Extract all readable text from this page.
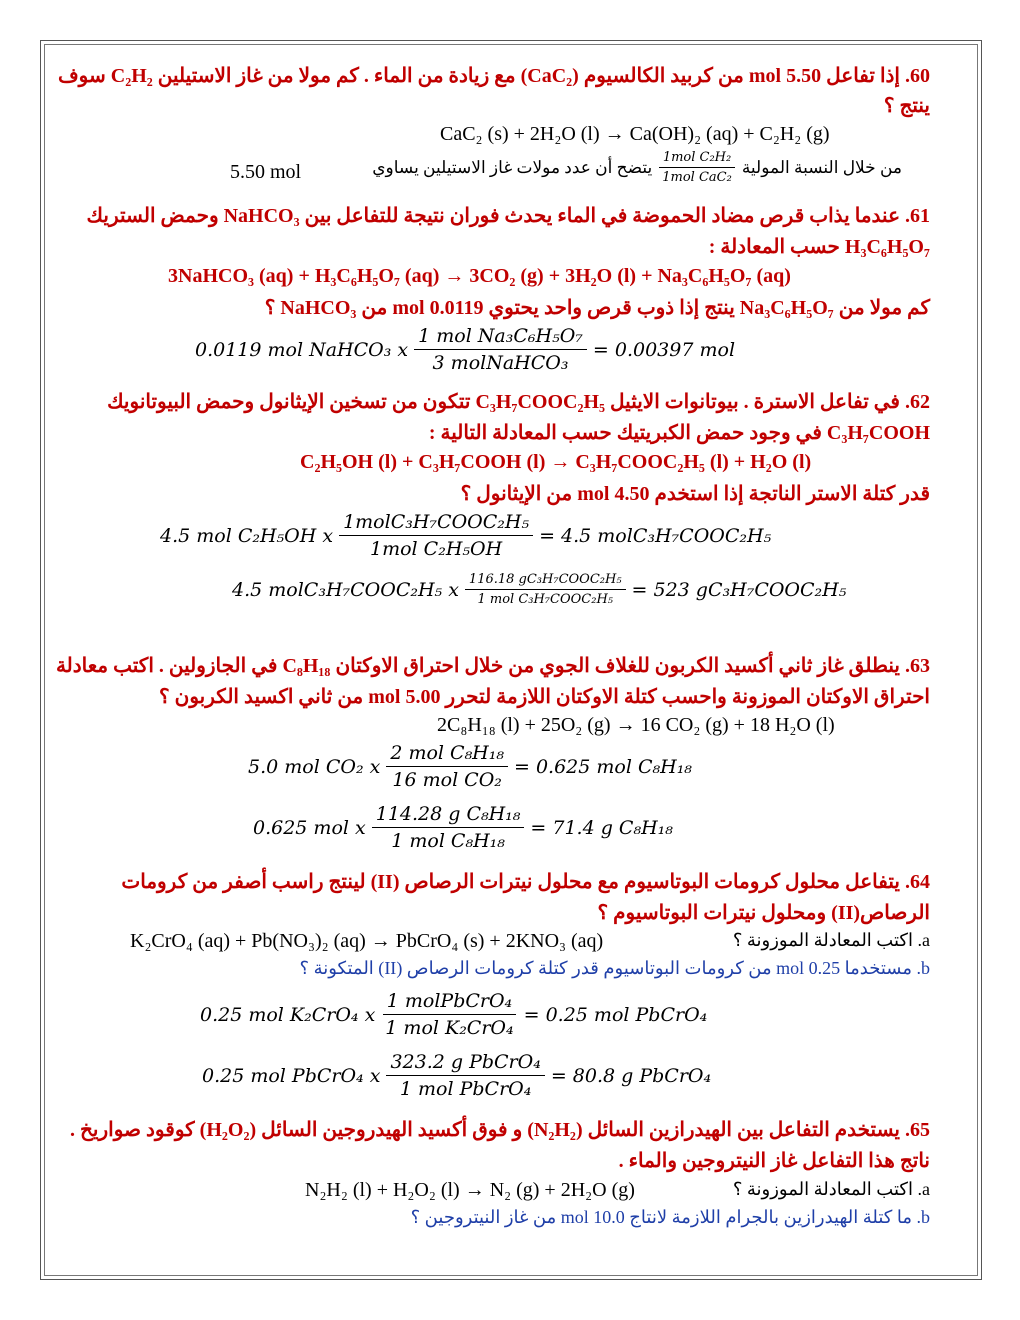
60. إذا تفاعل 5.50 mol من كربيد الكالسيوم (CaC₂) مع زيادة من الماء . كم مولا من غاز الاستيلين C₂H₂ سوف
ينتج ؟
CaC₂ (s) + 2H₂O (l) → Ca(OH)₂ (aq) + C₂H₂ (g)
من خلال النسبة المولية
$\frac{\text{1mol C₂H₂}}{\text{1mol CaC₂}}$
يتضح أن عدد مولات غاز الاستيلين يساوي
5.50 mol
61. عندما يذاب قرص مضاد الحموضة في الماء يحدث فوران نتيجة للتفاعل بين NaHCO₃ وحمض الستريك
H₃C₆H₅O₇ حسب المعادلة :
3NaHCO₃ (aq) + H₃C₆H₅O₇ (aq) → 3CO₂ (g) + 3H₂O (l) + Na₃C₆H₅O₇ (aq)
كم مولا من Na₃C₆H₅O₇ ينتج إذا ذوب قرص واحد يحتوي 0.0119 mol من NaHCO₃ ؟
0.0119 mol NaHCO₃ x $\frac{\text{1 mol Na₃C₆H₅O₇}}{\text{3 molNaHCO₃}} = 0.00397$ mol
62. في تفاعل الاسترة . بيوتانوات الايثيل C₃H₇COOC₂H₅ تتكون من تسخين الإيثانول وحمض البيوتانويك
C₃H₇COOH في وجود حمض الكبريتيك حسب المعادلة التالية :
C₂H₅OH (l) + C₃H₇COOH (l) → C₃H₇COOC₂H₅ (l) + H₂O (l)
قدر كتلة الاستر الناتجة إذا استخدم 4.50 mol من الإيثانول ؟
4.5 mol C₂H₅OH x $\frac{\text{1molC₃H₇COOC₂H₅}}{\text{1mol C₂H₅OH}} = 4.5$ molC₃H₇COOC₂H₅
4.5 molC₃H₇COOC₂H₅ x $\frac{\text{116.18 gC₃H₇COOC₂H₅}}{\text{1 mol C₃H₇COOC₂H₅}} = 523$ gC₃H₇COOC₂H₅
63. ينطلق غاز ثاني أكسيد الكربون للغلاف الجوي من خلال احتراق الاوكتان C₈H₁₈ في الجازولين . اكتب معادلة
احتراق الاوكتان الموزونة واحسب كتلة الاوكتان اللازمة لتحرر 5.00 mol من ثاني اكسيد الكربون ؟
2C₈H₁₈ (l) + 25O₂ (g) → 16 CO₂ (g) + 18 H₂O (l)
5.0 mol CO₂ x $\frac{\text{2 mol C₈H₁₈}}{\text{16 mol CO₂}} = 0.625$ mol C₈H₁₈
0.625 mol x $\frac{\text{114.28 g C₈H₁₈}}{\text{1 mol C₈H₁₈}} = 71.4$ g C₈H₁₈
64. يتفاعل محلول كرومات البوتاسيوم مع محلول نيترات الرصاص (II) لينتج راسب أصفر من كرومات
الرصاص(II) ومحلول نيترات البوتاسيوم ؟
a. اكتب المعادلة الموزونة ؟
K₂CrO₄ (aq) + Pb(NO₃)₂ (aq) → PbCrO₄ (s) + 2KNO₃ (aq)
b. مستخدما 0.25 mol من كرومات البوتاسيوم قدر كتلة كرومات الرصاص (II) المتكونة ؟
0.25 mol K₂CrO₄ x $\frac{\text{1 molPbCrO₄}}{\text{1 mol K₂CrO₄}} = 0.25$ mol PbCrO₄
0.25 mol PbCrO₄ x $\frac{\text{323.2 g PbCrO₄}}{\text{1 mol PbCrO₄}} = 80.8$ g PbCrO₄
65. يستخدم التفاعل بين الهيدرازين السائل (N₂H₂) و فوق أكسيد الهيدروجين السائل (H₂O₂) كوقود صواريخ .
ناتج هذا التفاعل غاز النيتروجين والماء .
a. اكتب المعادلة الموزونة ؟
N₂H₂ (l) + H₂O₂ (l) → N₂ (g) + 2H₂O (g)
b. ما كتلة الهيدرازين بالجرام اللازمة لانتاج 10.0 mol من غاز النيتروجين ؟
